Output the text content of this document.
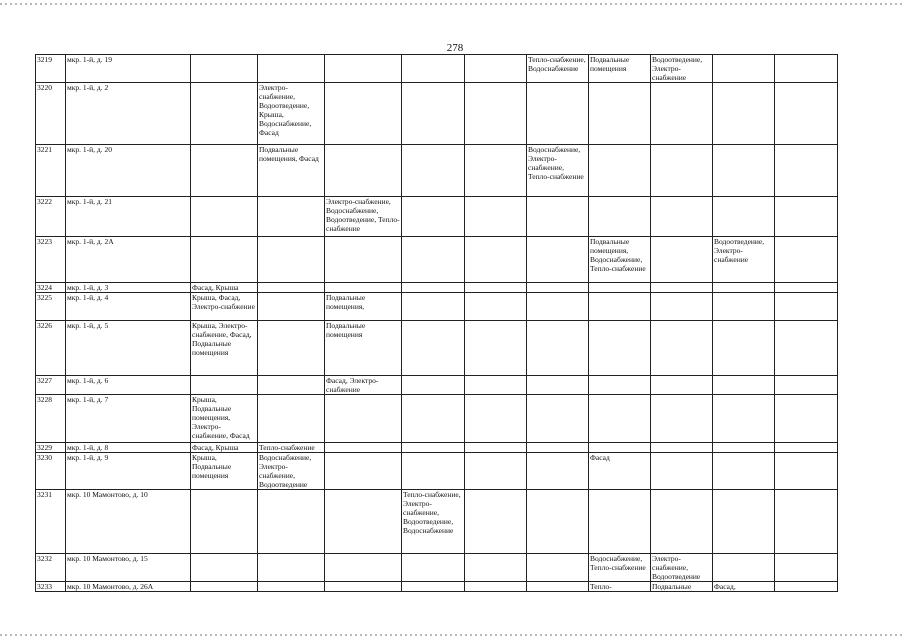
278
3219	мкр. 1-й, д. 19						Тепло-снабжение, Водоснабжение	Подвальные помещения	Водоотведение, Электро-снабжение		
3220	мкр. 1-й, д. 2		Электро-снабжение, Водоотведение, Крыша, Водоснабжение, Фасад								
3221	мкр. 1-й, д. 20		Подвальные помещения, Фасад				Водоснабжение, Электро-снабжение, Тепло-снабжение				
3222	мкр. 1-й, д. 21			Электро-снабжение, Водоснабжение, Водоотведение, Тепло-снабжение							
3223	мкр. 1-й, д. 2А							Подвальные помещения, Водоснабжение, Тепло-снабжение		Водоотведение, Электро-снабжение	
3224	мкр. 1-й, д. 3	Фасад, Крыша									
3225	мкр. 1-й, д. 4	Крыша, Фасад, Электро-снабжение		Подвальные помещения,							
3226	мкр. 1-й, д. 5	Крыша, Электро-снабжение, Фасад, Подвальные помещения		Подвальные помещения							
3227	мкр. 1-й, д. 6			Фасад, Электро-снабжение							
3228	мкр. 1-й, д. 7	Крыша, Подвальные помещения, Электро-снабжение, Фасад									
3229	мкр. 1-й, д. 8	Фасад, Крыша	Тепло-снабжение								
3230	мкр. 1-й, д. 9	Крыша, Подвальные помещения	Водоснабжение, Электро-снабжение, Водоотведение					Фасад			
3231	мкр. 10 Мамонтово, д. 10				Тепло-снабжение, Электро-снабжение, Водоотведение, Водоснабжение						
3232	мкр. 10 Мамонтово, д. 15							Водоснабжение, Тепло-снабжение	Электро-снабжение, Водоотведение		
3233	мкр. 10 Мамонтово, д. 26А							Тепло-	Подвальные	Фасад,	
